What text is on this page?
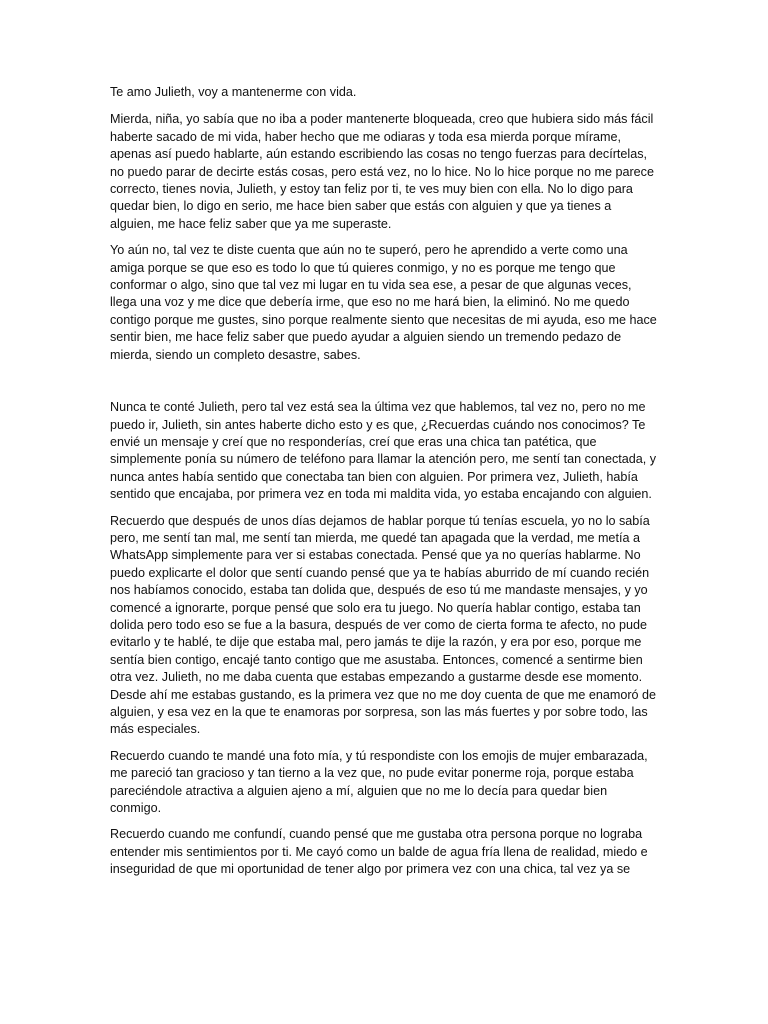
Te amo Julieth, voy a mantenerme con vida.

Mierda, niña, yo sabía que no iba a poder mantenerte bloqueada, creo que hubiera sido más fácil haberte sacado de mi vida, haber hecho que me odiaras y toda esa mierda porque mírame, apenas así puedo hablarte, aún estando escribiendo las cosas no tengo fuerzas para decírtelas, no puedo parar de decirte estás cosas, pero está vez, no lo hice. No lo hice porque no me parece correcto, tienes novia, Julieth, y estoy tan feliz por ti, te ves muy bien con ella. No lo digo para quedar bien, lo digo en serio, me hace bien saber que estás con alguien y que ya tienes a alguien, me hace feliz saber que ya me superaste.

Yo aún no, tal vez te diste cuenta que aún no te superó, pero he aprendido a verte como una amiga porque se que eso es todo lo que tú quieres conmigo, y no es porque me tengo que conformar o algo, sino que tal vez mi lugar en tu vida sea ese, a pesar de que algunas veces, llega una voz y me dice que debería irme, que eso no me hará bien, la eliminó. No me quedo contigo porque me gustes, sino porque realmente siento que necesitas de mi ayuda, eso me hace sentir bien, me hace feliz saber que puedo ayudar a alguien siendo un tremendo pedazo de mierda, siendo un completo desastre, sabes.

Nunca te conté Julieth, pero tal vez está sea la última vez que hablemos, tal vez no, pero no me puedo ir, Julieth, sin antes haberte dicho esto y es que, ¿Recuerdas cuándo nos conocimos? Te envié un mensaje y creí que no responderías, creí que eras una chica tan patética, que simplemente ponía su número de teléfono para llamar la atención pero, me sentí tan conectada, y nunca antes había sentido que conectaba tan bien con alguien. Por primera vez, Julieth, había sentido que encajaba, por primera vez en toda mi maldita vida, yo estaba encajando con alguien.

Recuerdo que después de unos días dejamos de hablar porque tú tenías escuela, yo no lo sabía pero, me sentí tan mal, me sentí tan mierda, me quedé tan apagada que la verdad, me metía a WhatsApp simplemente para ver si estabas conectada. Pensé que ya no querías hablarme. No puedo explicarte el dolor que sentí cuando pensé que ya te habías aburrido de mí cuando recién nos habíamos conocido, estaba tan dolida que, después de eso tú me mandaste mensajes, y yo comencé a ignorarte, porque pensé que solo era tu juego. No quería hablar contigo, estaba tan dolida pero todo eso se fue a la basura, después de ver como de cierta forma te afecto, no pude evitarlo y te hablé, te dije que estaba mal, pero jamás te dije la razón, y era por eso, porque me sentía bien contigo, encajé tanto contigo que me asustaba. Entonces, comencé a sentirme bien otra vez. Julieth, no me daba cuenta que estabas empezando a gustarme desde ese momento. Desde ahí me estabas gustando, es la primera vez que no me doy cuenta de que me enamoró de alguien, y esa vez en la que te enamoras por sorpresa, son las más fuertes y por sobre todo, las más especiales.

Recuerdo cuando te mandé una foto mía, y tú respondiste con los emojis de mujer embarazada, me pareció tan gracioso y tan tierno a la vez que, no pude evitar ponerme roja, porque estaba pareciéndole atractiva a alguien ajeno a mí, alguien que no me lo decía para quedar bien conmigo.

Recuerdo cuando me confundí, cuando pensé que me gustaba otra persona porque no lograba entender mis sentimientos por ti. Me cayó como un balde de agua fría llena de realidad, miedo e inseguridad de que mi oportunidad de tener algo por primera vez con una chica, tal vez ya se
